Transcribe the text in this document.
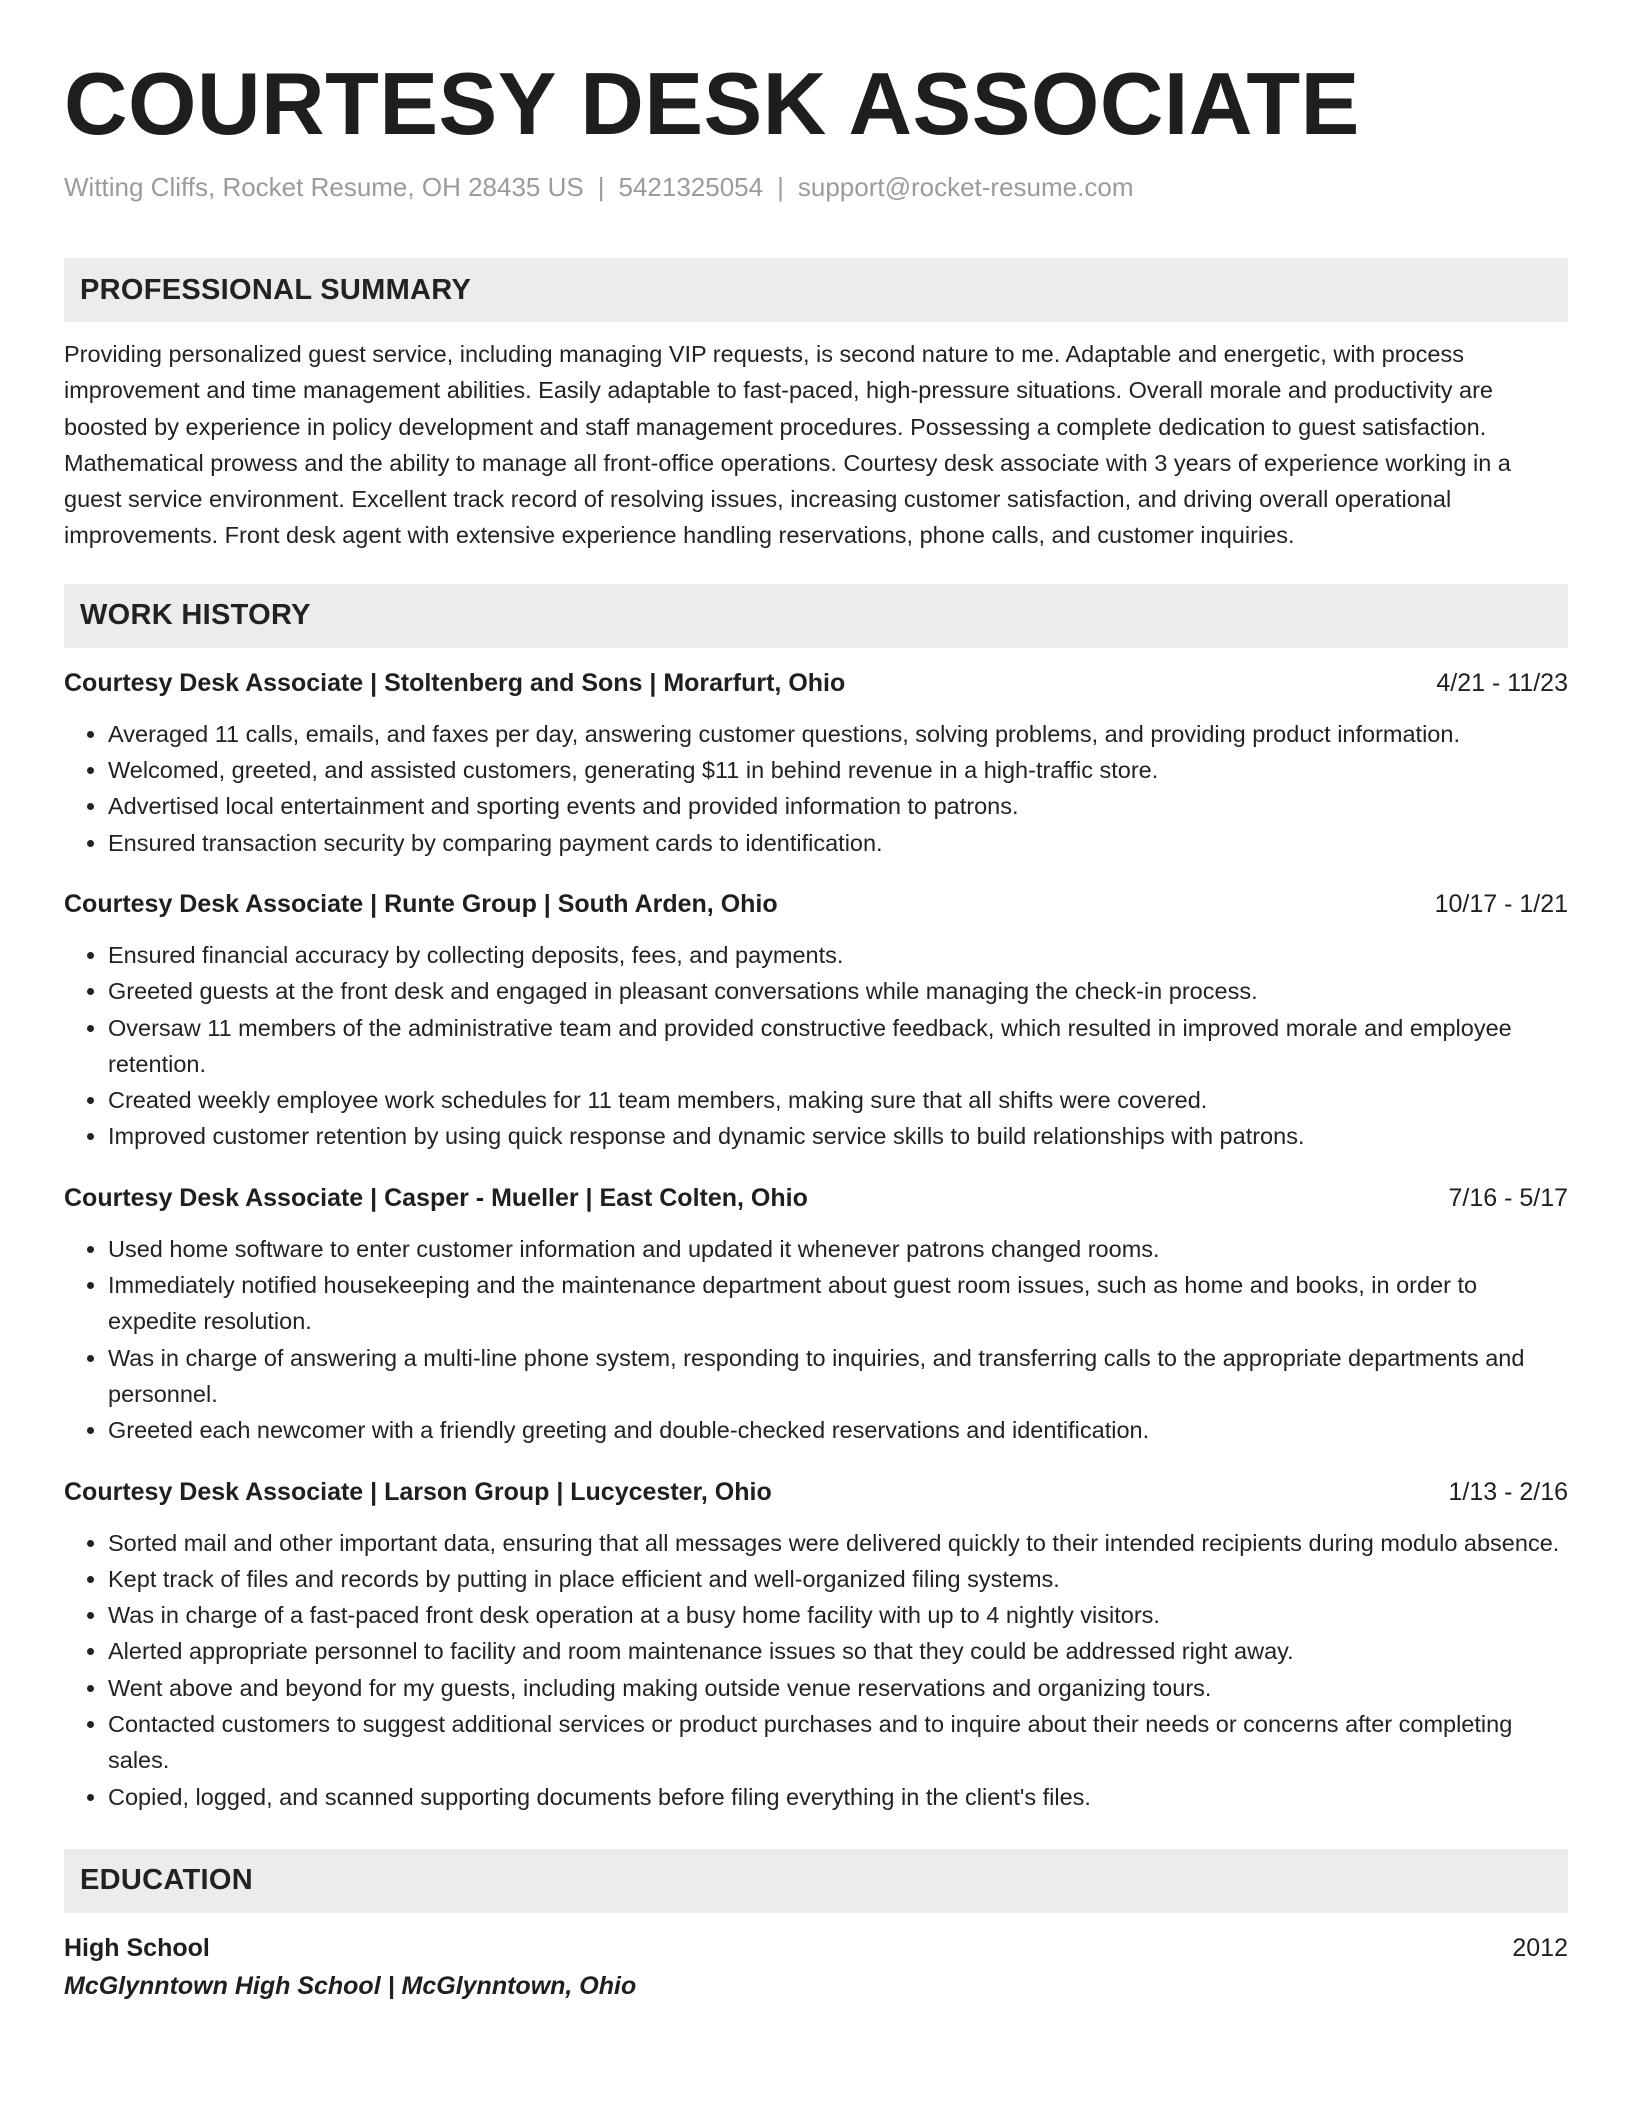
COURTESY DESK ASSOCIATE
Witting Cliffs, Rocket Resume, OH 28435 US | 5421325054 | support@rocket-resume.com
PROFESSIONAL SUMMARY
Providing personalized guest service, including managing VIP requests, is second nature to me. Adaptable and energetic, with process improvement and time management abilities. Easily adaptable to fast-paced, high-pressure situations. Overall morale and productivity are boosted by experience in policy development and staff management procedures. Possessing a complete dedication to guest satisfaction. Mathematical prowess and the ability to manage all front-office operations. Courtesy desk associate with 3 years of experience working in a guest service environment. Excellent track record of resolving issues, increasing customer satisfaction, and driving overall operational improvements. Front desk agent with extensive experience handling reservations, phone calls, and customer inquiries.
WORK HISTORY
Courtesy Desk Associate | Stoltenberg and Sons | Morarfurt, Ohio	4/21 - 11/23
• Averaged 11 calls, emails, and faxes per day, answering customer questions, solving problems, and providing product information.
• Welcomed, greeted, and assisted customers, generating $11 in behind revenue in a high-traffic store.
• Advertised local entertainment and sporting events and provided information to patrons.
• Ensured transaction security by comparing payment cards to identification.
Courtesy Desk Associate | Runte Group | South Arden, Ohio	10/17 - 1/21
• Ensured financial accuracy by collecting deposits, fees, and payments.
• Greeted guests at the front desk and engaged in pleasant conversations while managing the check-in process.
• Oversaw 11 members of the administrative team and provided constructive feedback, which resulted in improved morale and employee retention.
• Created weekly employee work schedules for 11 team members, making sure that all shifts were covered.
• Improved customer retention by using quick response and dynamic service skills to build relationships with patrons.
Courtesy Desk Associate | Casper - Mueller | East Colten, Ohio	7/16 - 5/17
• Used home software to enter customer information and updated it whenever patrons changed rooms.
• Immediately notified housekeeping and the maintenance department about guest room issues, such as home and books, in order to expedite resolution.
• Was in charge of answering a multi-line phone system, responding to inquiries, and transferring calls to the appropriate departments and personnel.
• Greeted each newcomer with a friendly greeting and double-checked reservations and identification.
Courtesy Desk Associate | Larson Group | Lucycester, Ohio	1/13 - 2/16
• Sorted mail and other important data, ensuring that all messages were delivered quickly to their intended recipients during modulo absence.
• Kept track of files and records by putting in place efficient and well-organized filing systems.
• Was in charge of a fast-paced front desk operation at a busy home facility with up to 4 nightly visitors.
• Alerted appropriate personnel to facility and room maintenance issues so that they could be addressed right away.
• Went above and beyond for my guests, including making outside venue reservations and organizing tours.
• Contacted customers to suggest additional services or product purchases and to inquire about their needs or concerns after completing sales.
• Copied, logged, and scanned supporting documents before filing everything in the client's files.
EDUCATION
High School	2012
McGlynntown High School | McGlynntown, Ohio
